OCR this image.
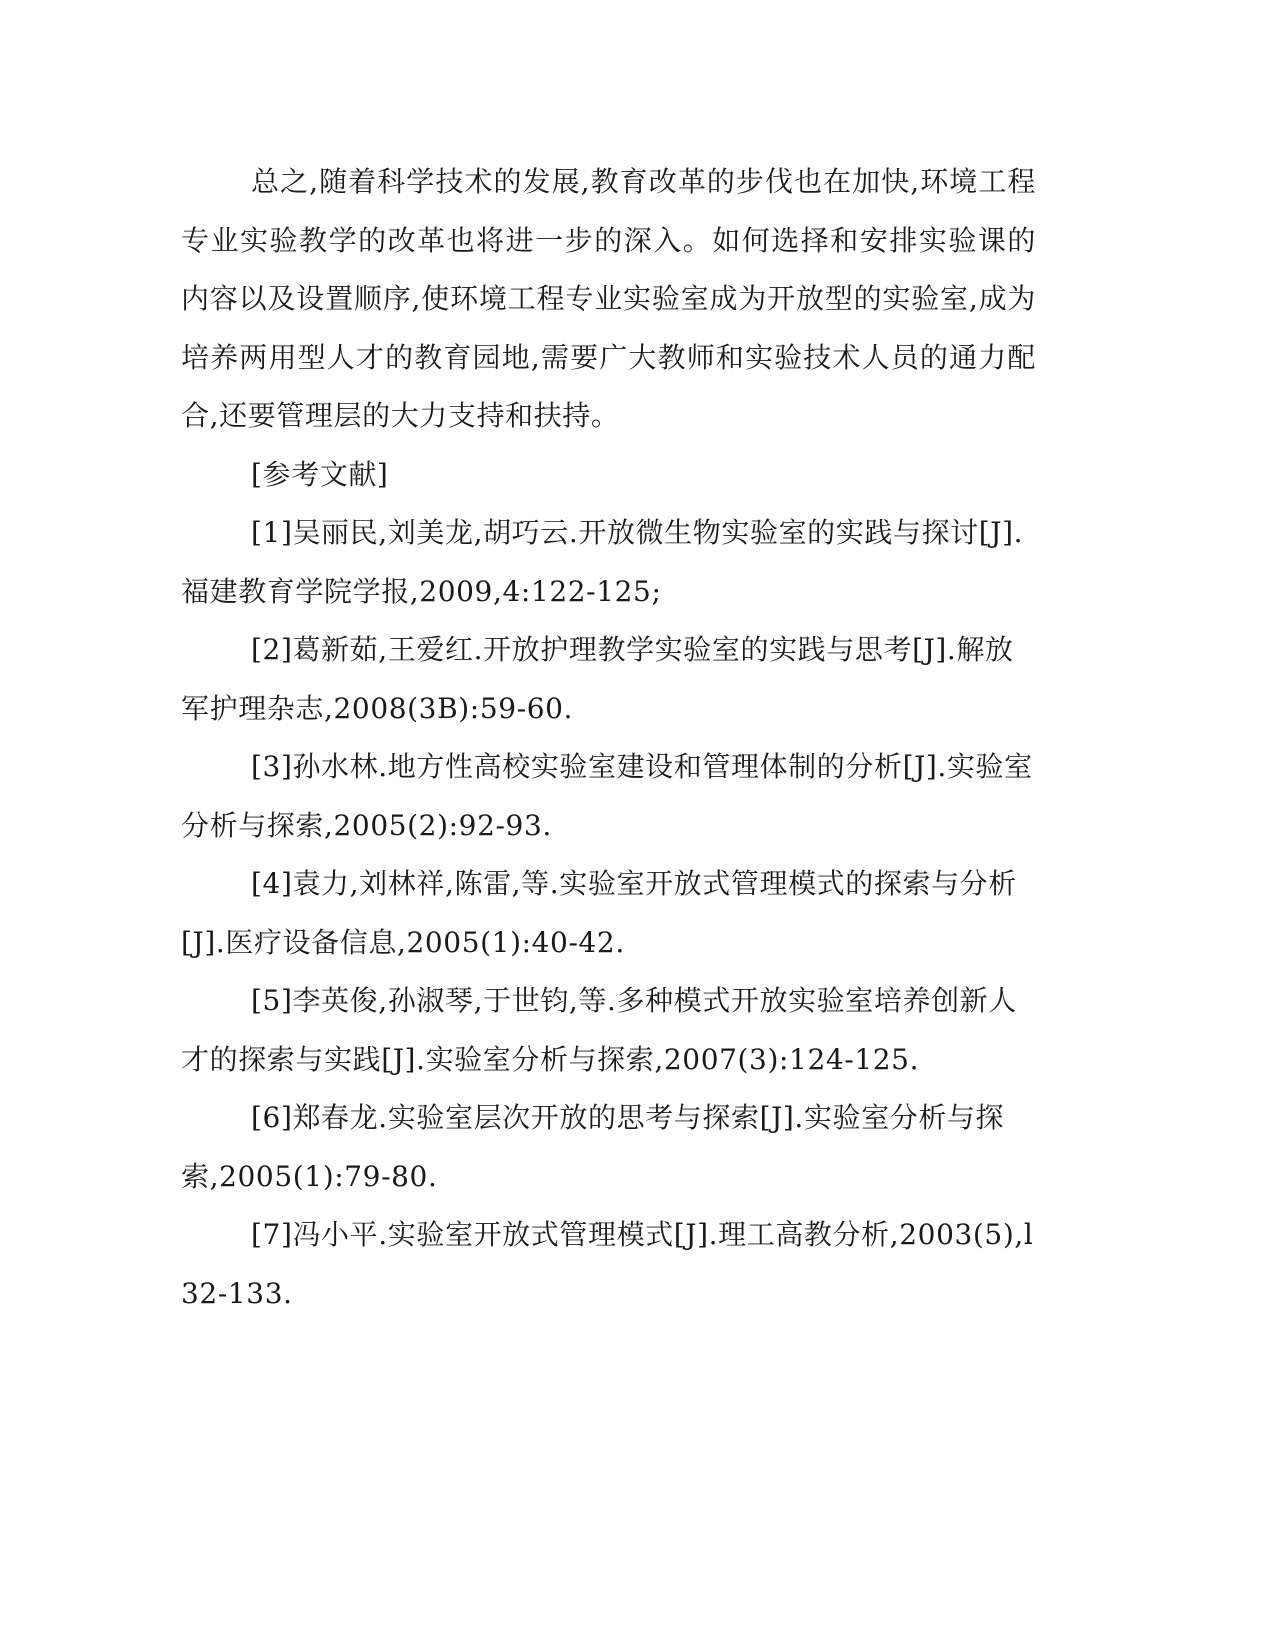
总之,随着科学技术的发展,教育改革的步伐也在加快,环境工程专业实验教学的改革也将进一步的深入。如何选择和安排实验课的内容以及设置顺序,使环境工程专业实验室成为开放型的实验室,成为培养两用型人才的教育园地,需要广大教师和实验技术人员的通力配合,还要管理层的大力支持和扶持。

[参考文献]

[1]吴丽民,刘美龙,胡巧云.开放微生物实验室的实践与探讨[J].福建教育学院学报,2009,4:122-125;

[2]葛新茹,王爱红.开放护理教学实验室的实践与思考[J].解放军护理杂志,2008(3B):59-60.

[3]孙水林.地方性高校实验室建设和管理体制的分析[J].实验室分析与探索,2005(2):92-93.

[4]袁力,刘林祥,陈雷,等.实验室开放式管理模式的探索与分析[J].医疗设备信息,2005(1):40-42.

[5]李英俊,孙淑琴,于世钧,等.多种模式开放实验室培养创新人才的探索与实践[J].实验室分析与探索,2007(3):124-125.

[6]郑春龙.实验室层次开放的思考与探索[J].实验室分析与探索,2005(1):79-80.

[7]冯小平.实验室开放式管理模式[J].理工高教分析,2003(5),l32-133.
